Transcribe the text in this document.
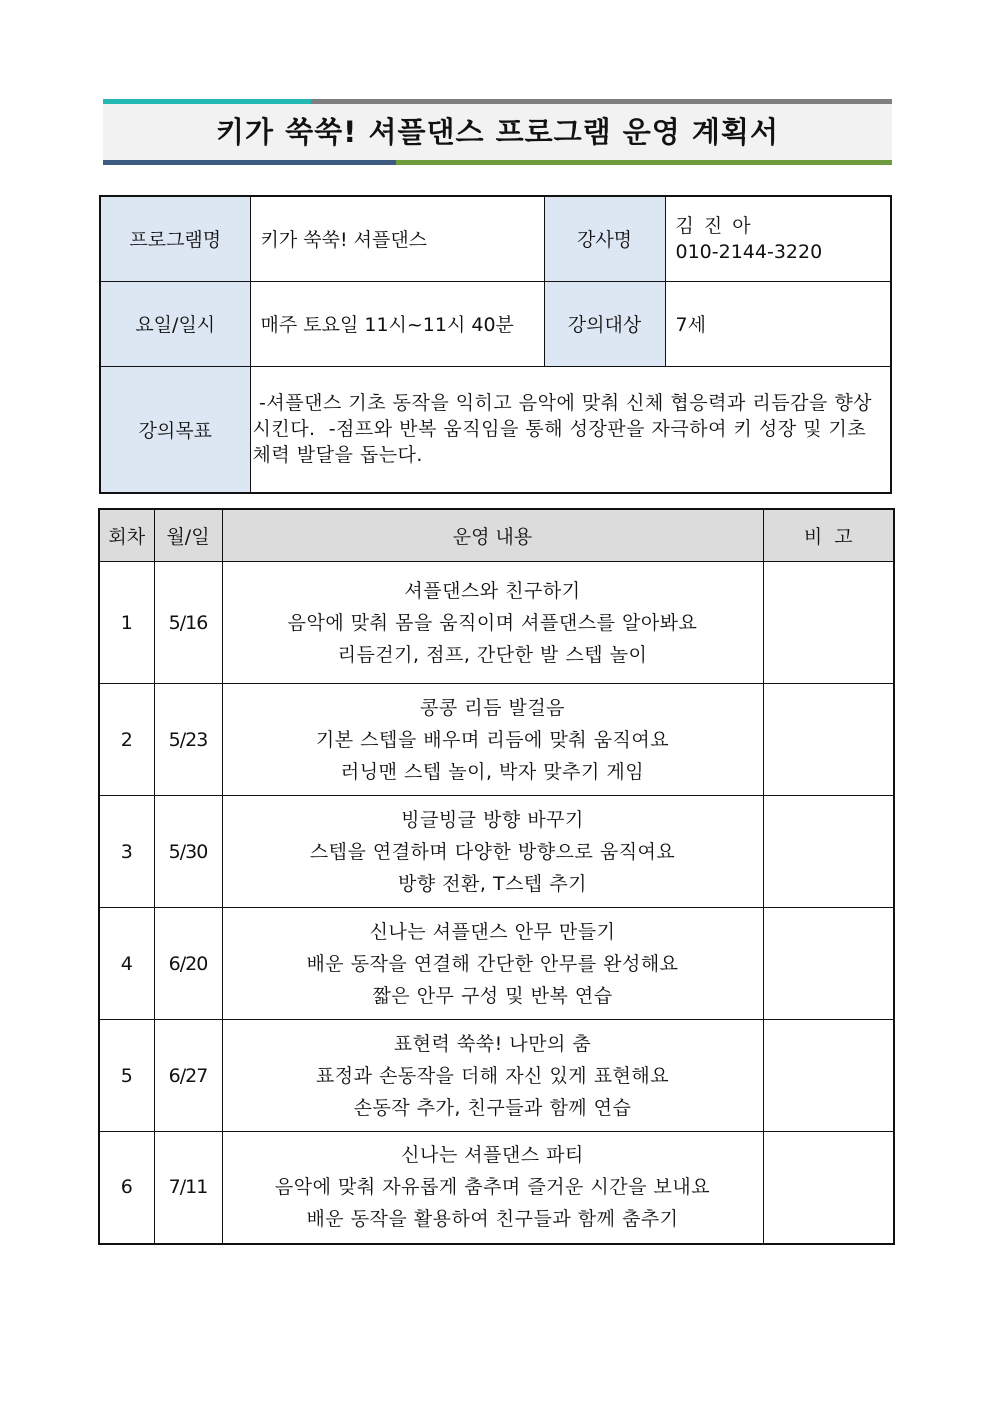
키가 쑥쑥! 셔플댄스 프로그램 운영 계획서
프로그램명	키가 쑥쑥! 셔플댄스	강사명	김 진 아
010-2144-3220

요일/일시	매주 토요일 11시~11시 40분	강의대상	7세
강의목표	-셔플댄스 기초 동작을 익히고 음악에 맞춰 신체 협응력과 리듬감을 향상시킨다.  -점프와 반복 움직임을 통해 성장판을 자극하여 키 성장 및 기초 체력 발달을 돕는다.		
회차	월/일	운영 내용	비  고
1	5/16	셔플댄스와 친구하기
음악에 맞춰 몸을 움직이며 셔플댄스를 알아봐요
리듬걷기, 점프, 간단한 발 스텝 놀이	

2	5/23	콩콩 리듬 발걸음
기본 스텝을 배우며 리듬에 맞춰 움직여요
러닝맨 스텝 놀이, 박자 맞추기 게임	

3	5/30	빙글빙글 방향 바꾸기
스텝을 연결하며 다양한 방향으로 움직여요
방향 전환, T스텝 추기	

4	6/20	신나는 셔플댄스 안무 만들기
배운 동작을 연결해 간단한 안무를 완성해요
짧은 안무 구성 및 반복 연습	

5	6/27	표현력 쑥쑥! 나만의 춤
표정과 손동작을 더해 자신 있게 표현해요
손동작 추가, 친구들과 함께 연습	

6	7/11	신나는 셔플댄스 파티
음악에 맞춰 자유롭게 춤추며 즐거운 시간을 보내요
배운 동작을 활용하여 친구들과 함께 춤추기	
